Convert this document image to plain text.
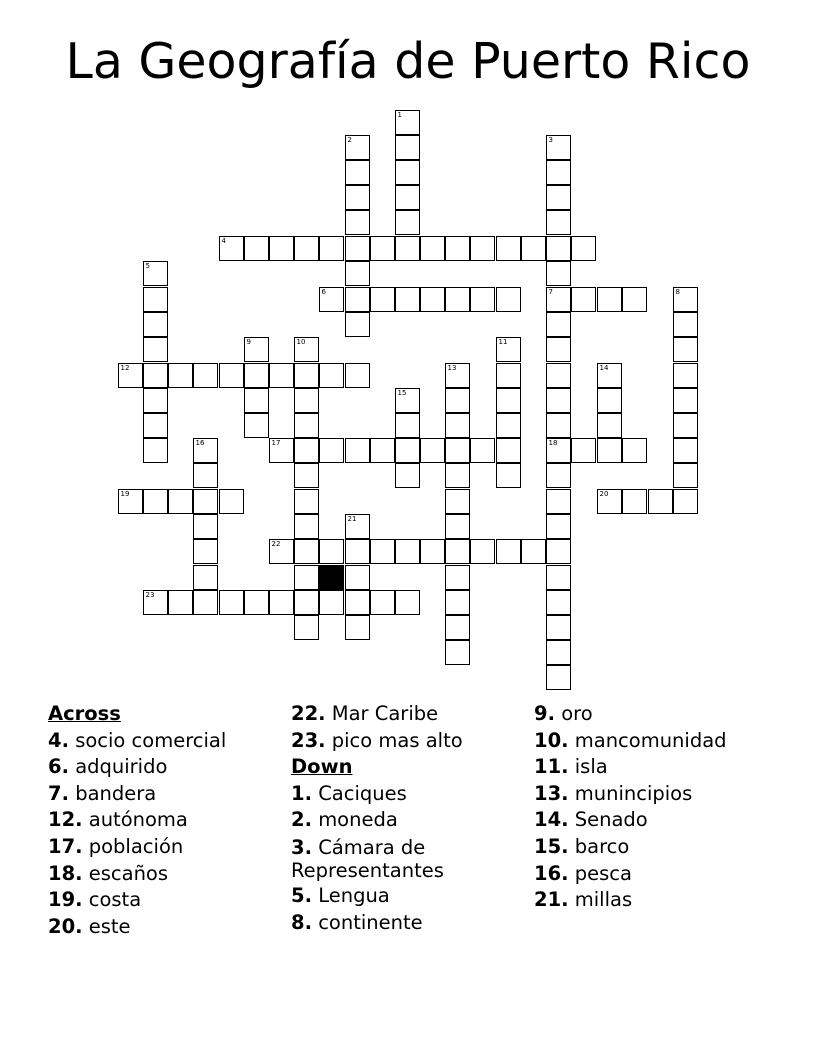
La Geografía de Puerto Rico
1
2	3
4
5
6	7	8
9	10	11
12	13	14
15
16	17	18
19	20
21
22
23
Across
4. socio comercial
6. adquirido
7. bandera
12. autónoma
17. población
18. escaños
19. costa
20. este
22. Mar Caribe
23. pico mas alto
Down
1. Caciques
2. moneda
3. Cámara de Representantes
5. Lengua
8. continente
9. oro
10. mancomunidad
11. isla
13. munincipios
14. Senado
15. barco
16. pesca
21. millas
